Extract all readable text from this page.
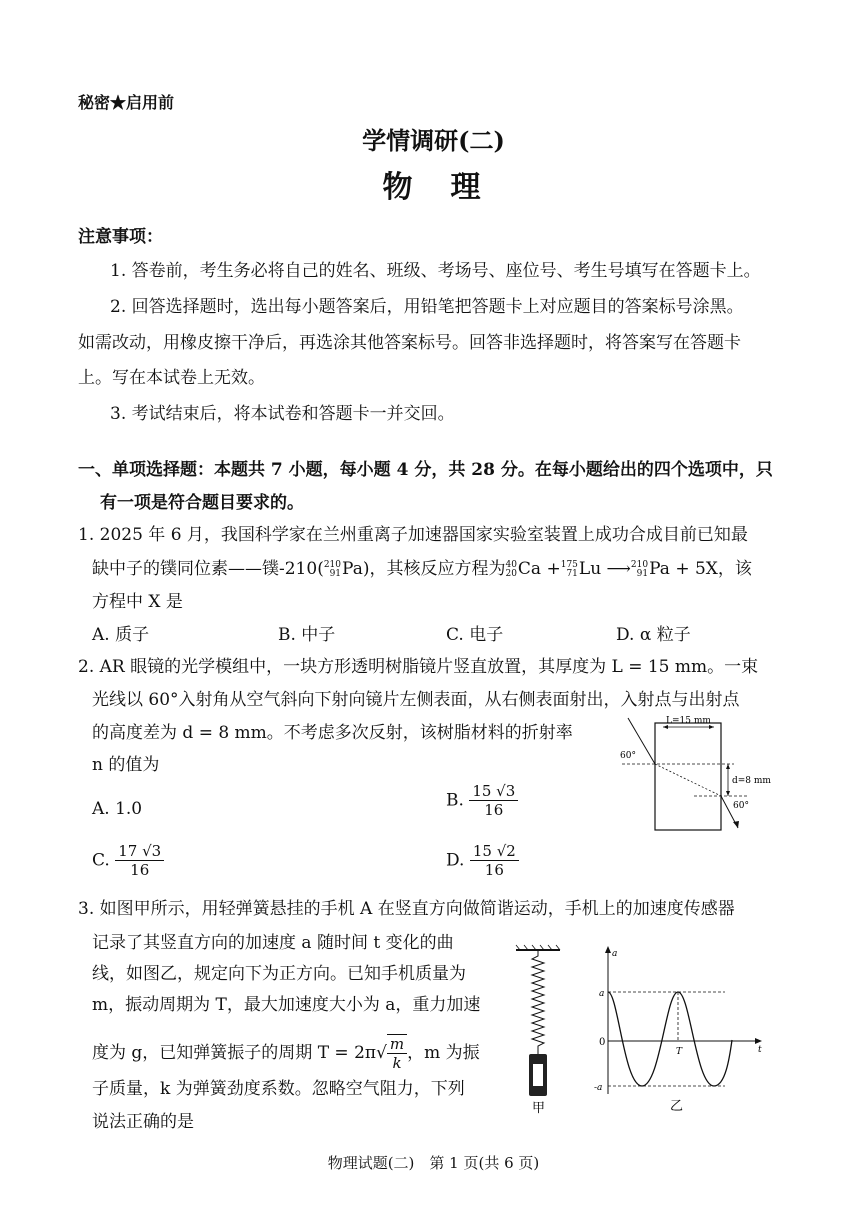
秘密★启用前
学情调研(二)
物　理
注意事项：
1. 答卷前，考生务必将自己的姓名、班级、考场号、座位号、考生号填写在答题卡上。
2. 回答选择题时，选出每小题答案后，用铅笔把答题卡上对应题目的答案标号涂黑。
如需改动，用橡皮擦干净后，再选涂其他答案标号。回答非选择题时，将答案写在答题卡
上。写在本试卷上无效。
3. 考试结束后，将本试卷和答题卡一并交回。
一、单项选择题：本题共 7 小题，每小题 4 分，共 28 分。在每小题给出的四个选项中，只
有一项是符合题目要求的。
1. 2025 年 6 月，我国科学家在兰州重离子加速器国家实验室装置上成功合成目前已知最
缺中子的镤同位素——镤-210( 210
91 Pa)，其核反应方程为 40
20 Ca + 175
71 Lu ⟶ 210
91 Pa + 5X，该
方程中 X 是
A. 质子	B. 中子	C. 电子	D. α 粒子
2. AR 眼镜的光学模组中，一块方形透明树脂镜片竖直放置，其厚度为 L = 15 mm。一束
光线以 60°入射角从空气斜向下射向镜片左侧表面，从右侧表面射出，入射点与出射点
的高度差为 d = 8 mm。不考虑多次反射，该树脂材料的折射率
n 的值为
A. 1.0	B. $\frac{15 √3}{16}$
C. $\frac{17 √3}{16}$	D. $\frac{15 √2}{16}$
L=15 mm
60°
60°
d=8 mm
3. 如图甲所示，用轻弹簧悬挂的手机 A 在竖直方向做简谐运动，手机上的加速度传感器
记录了其竖直方向的加速度 a 随时间 t 变化的曲
线，如图乙，规定向下为正方向。已知手机质量为
m，振动周期为 T，最大加速度大小为 a，重力加速
度为 g，已知弹簧振子的周期 $T = 2\pi√ \frac{m}{k}$ ，m 为振
子质量，k 为弹簧劲度系数。忽略空气阻力，下列
说法正确的是
甲
a
t
0
a
-a
T
乙
物理试题(二)　第 1 页(共 6 页)
